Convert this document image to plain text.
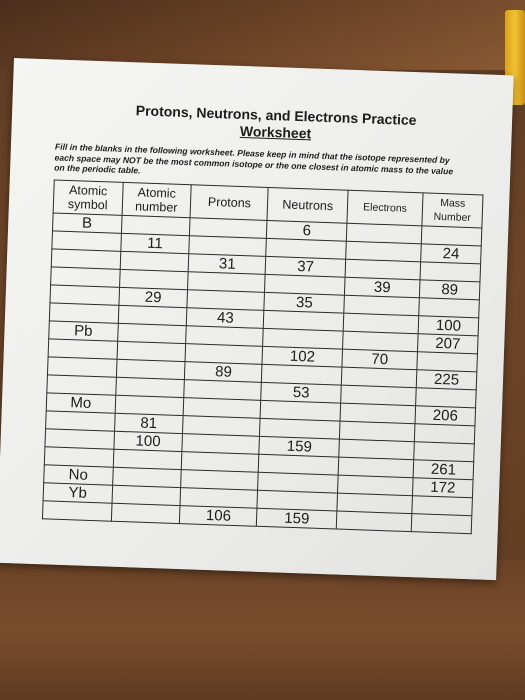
Protons, Neutrons, and Electrons Practice
Worksheet
Fill in the blanks in the following worksheet. Please keep in mind that the isotope represented by each space may NOT be the most common isotope or the one closest in atomic mass to the value on the periodic table.
Atomic symbol	Atomic number	Protons	Neutrons	Electrons	Mass Number
B			6		
	11				24
		31	37		
				39	89
	29		35		
		43			100
Pb					207
			102	70	
		89			225
			53		
Mo					206
	81				
	100		159		
					261
No					172
Yb					
		106	159		
